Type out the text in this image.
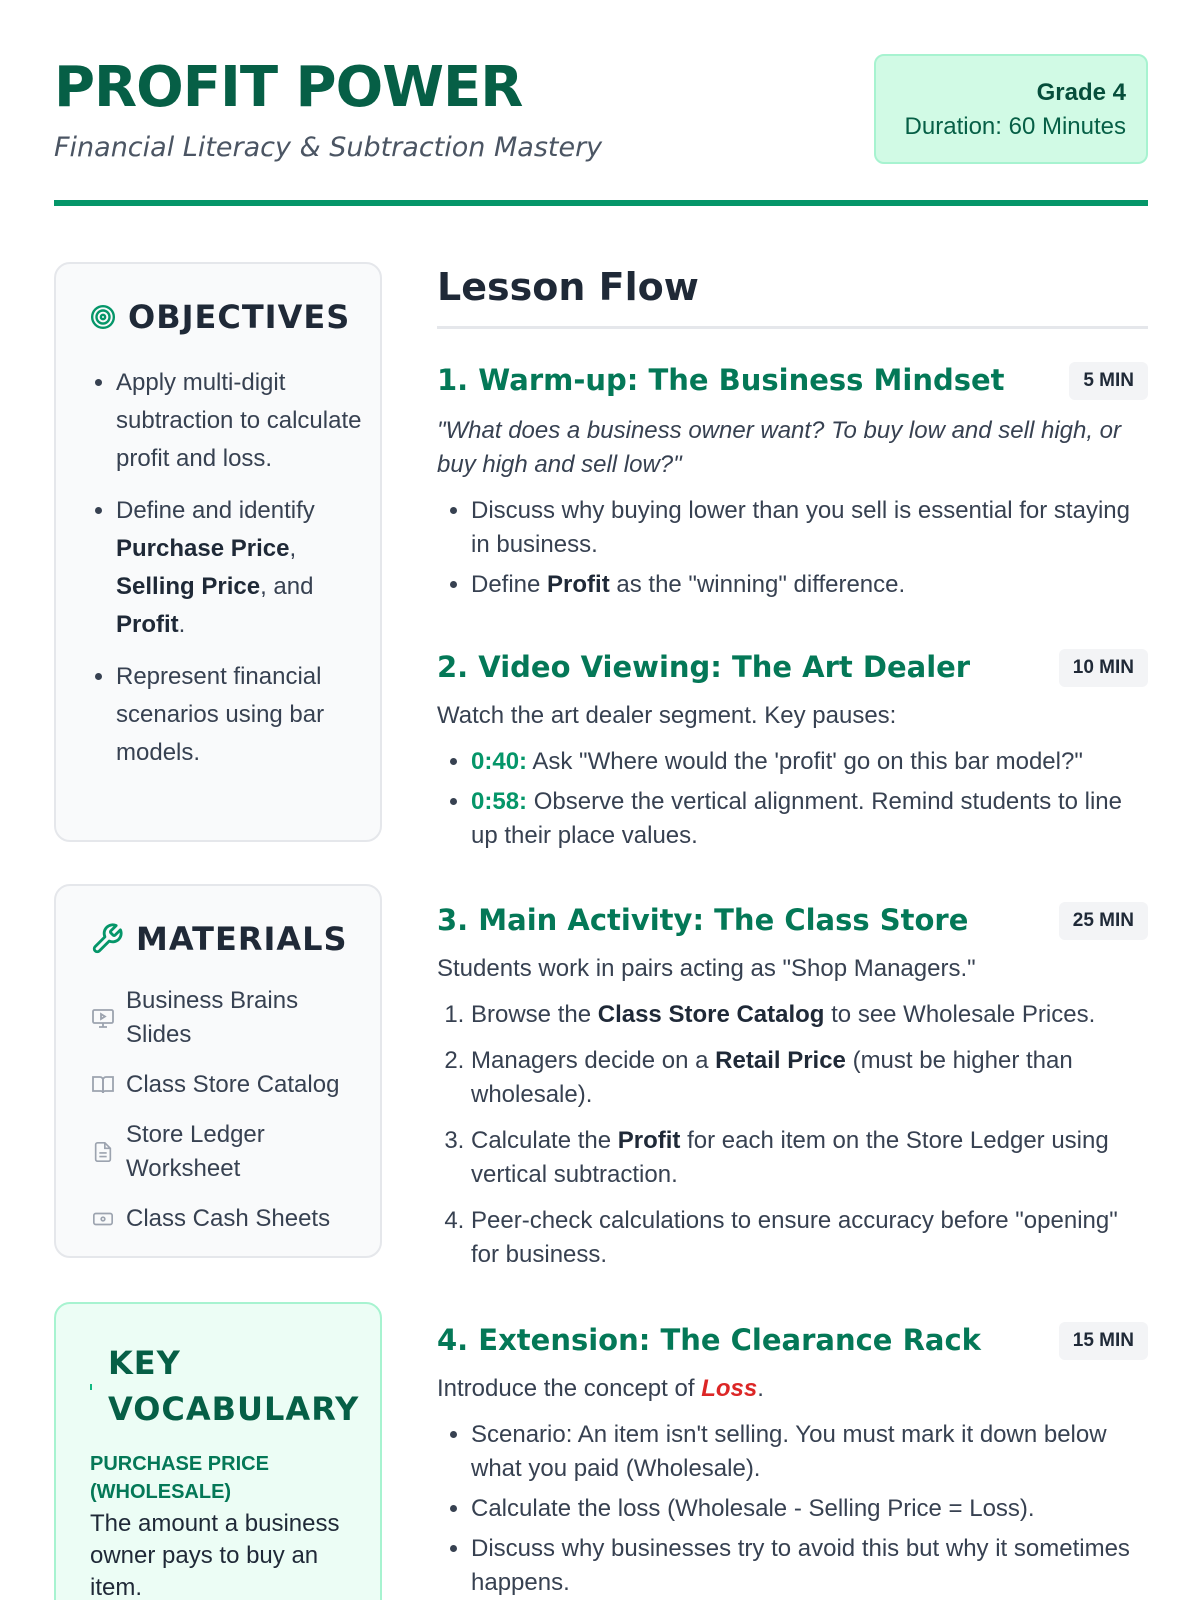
PROFIT POWER
Financial Literacy & Subtraction Mastery
Grade 4
Duration: 60 Minutes
OBJECTIVES
• Apply multi-digit subtraction to calculate profit and loss.
• Define and identify Purchase Price, Selling Price, and Profit.
• Represent financial scenarios using bar models.
MATERIALS
Business Brains Slides
Class Store Catalog
Store Ledger Worksheet
Class Cash Sheets
KEY VOCABULARY
PURCHASE PRICE (WHOLESALE)
The amount a business owner pays to buy an item.
Lesson Flow
1. Warm-up: The Business Mindset	5 MIN
"What does a business owner want? To buy low and sell high, or buy high and sell low?"
• Discuss why buying lower than you sell is essential for staying in business.
• Define Profit as the "winning" difference.
2. Video Viewing: The Art Dealer	10 MIN
Watch the art dealer segment. Key pauses:
• 0:40: Ask "Where would the 'profit' go on this bar model?"
• 0:58: Observe the vertical alignment. Remind students to line up their place values.
3. Main Activity: The Class Store	25 MIN
Students work in pairs acting as "Shop Managers."
1. Browse the Class Store Catalog to see Wholesale Prices.
2. Managers decide on a Retail Price (must be higher than wholesale).
3. Calculate the Profit for each item on the Store Ledger using vertical subtraction.
4. Peer-check calculations to ensure accuracy before "opening" for business.
4. Extension: The Clearance Rack	15 MIN
Introduce the concept of Loss.
• Scenario: An item isn't selling. You must mark it down below what you paid (Wholesale).
• Calculate the loss (Wholesale - Selling Price = Loss).
• Discuss why businesses try to avoid this but why it sometimes happens.
